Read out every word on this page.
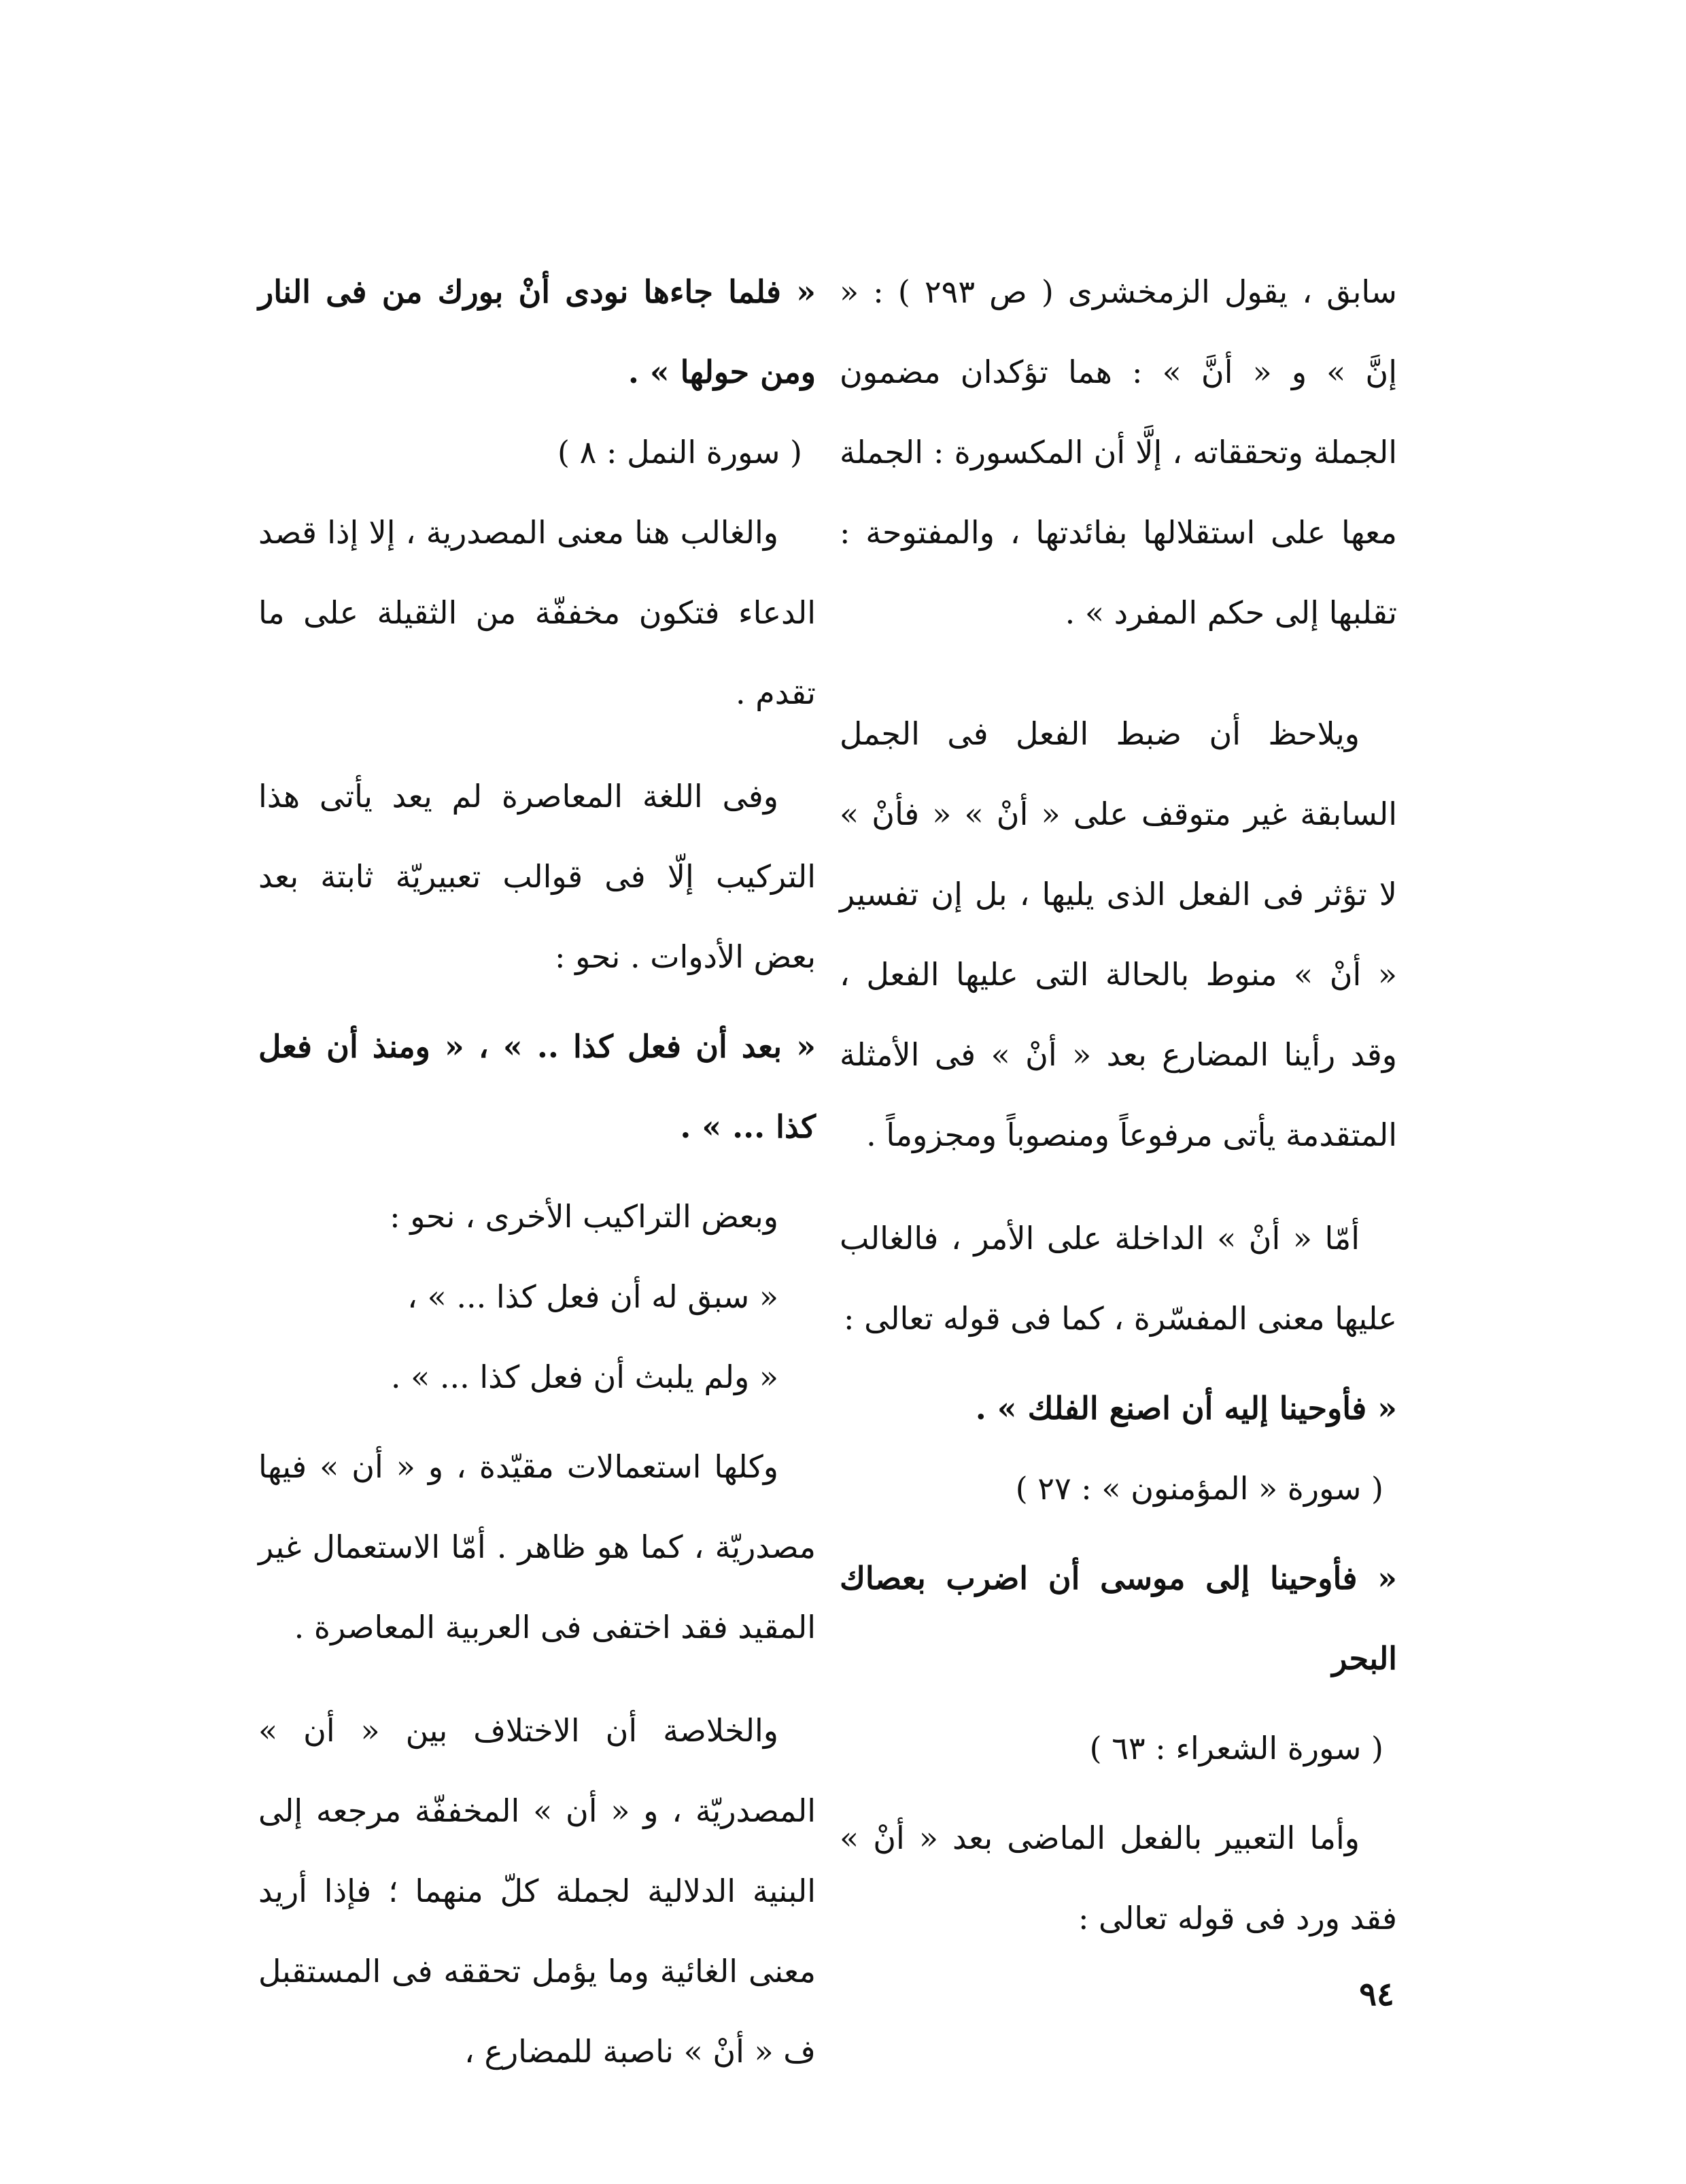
سابق ، يقول الزمخشرى ( ص ٢٩٣ ) : « إنَّ » و « أنَّ » : هما تؤكدان مضمون الجملة وتحققاته ، إلَّا أن المكسورة : الجملة معها على استقلالها بفائدتها ، والمفتوحة : تقلبها إلى حكم المفرد » .

ويلاحظ أن ضبط الفعل فى الجمل السابقة غير متوقف على « أنْ » « فأنْ » لا تؤثر فى الفعل الذى يليها ، بل إن تفسير « أنْ » منوط بالحالة التى عليها الفعل ، وقد رأينا المضارع بعد « أنْ » فى الأمثلة المتقدمة يأتى مرفوعاً ومنصوباً ومجزوماً .

أمّا « أنْ » الداخلة على الأمر ، فالغالب عليها معنى المفسّرة ، كما فى قوله تعالى :

« فأوحينا إليه أن اصنع الفلك » .

( سورة « المؤمنون » : ٢٧ )

« فأوحينا إلى موسى أن اضرب بعصاك البحر

( سورة الشعراء : ٦٣ )

وأما التعبير بالفعل الماضى بعد « أنْ » فقد ورد فى قوله تعالى :

« فلما جاءها نودى أنْ بورك من فى النار ومن حولها » .

( سورة النمل : ٨ )

والغالب هنا معنى المصدرية ، إلا إذا قصد الدعاء فتكون مخففّة من الثقيلة على ما تقدم .

وفى اللغة المعاصرة لم يعد يأتى هذا التركيب إلّا فى قوالب تعبيريّة ثابتة بعد بعض الأدوات . نحو :

« بعد أن فعل كذا .. » ، « ومنذ أن فعل كذا ... » .

وبعض التراكيب الأخرى ، نحو :

« سبق له أن فعل كذا ... » ،

« ولم يلبث أن فعل كذا ... » .

وكلها استعمالات مقيّدة ، و « أن » فيها مصدريّة ، كما هو ظاهر . أمّا الاستعمال غير المقيد فقد اختفى فى العربية المعاصرة .

والخلاصة أن الاختلاف بين « أن » المصدريّة ، و « أن » المخففّة مرجعه إلى البنية الدلالية لجملة كلّ منهما ؛ فإذا أريد معنى الغائية وما يؤمل تحققه فى المستقبل ف « أنْ » ناصبة للمضارع ،

٩٤
